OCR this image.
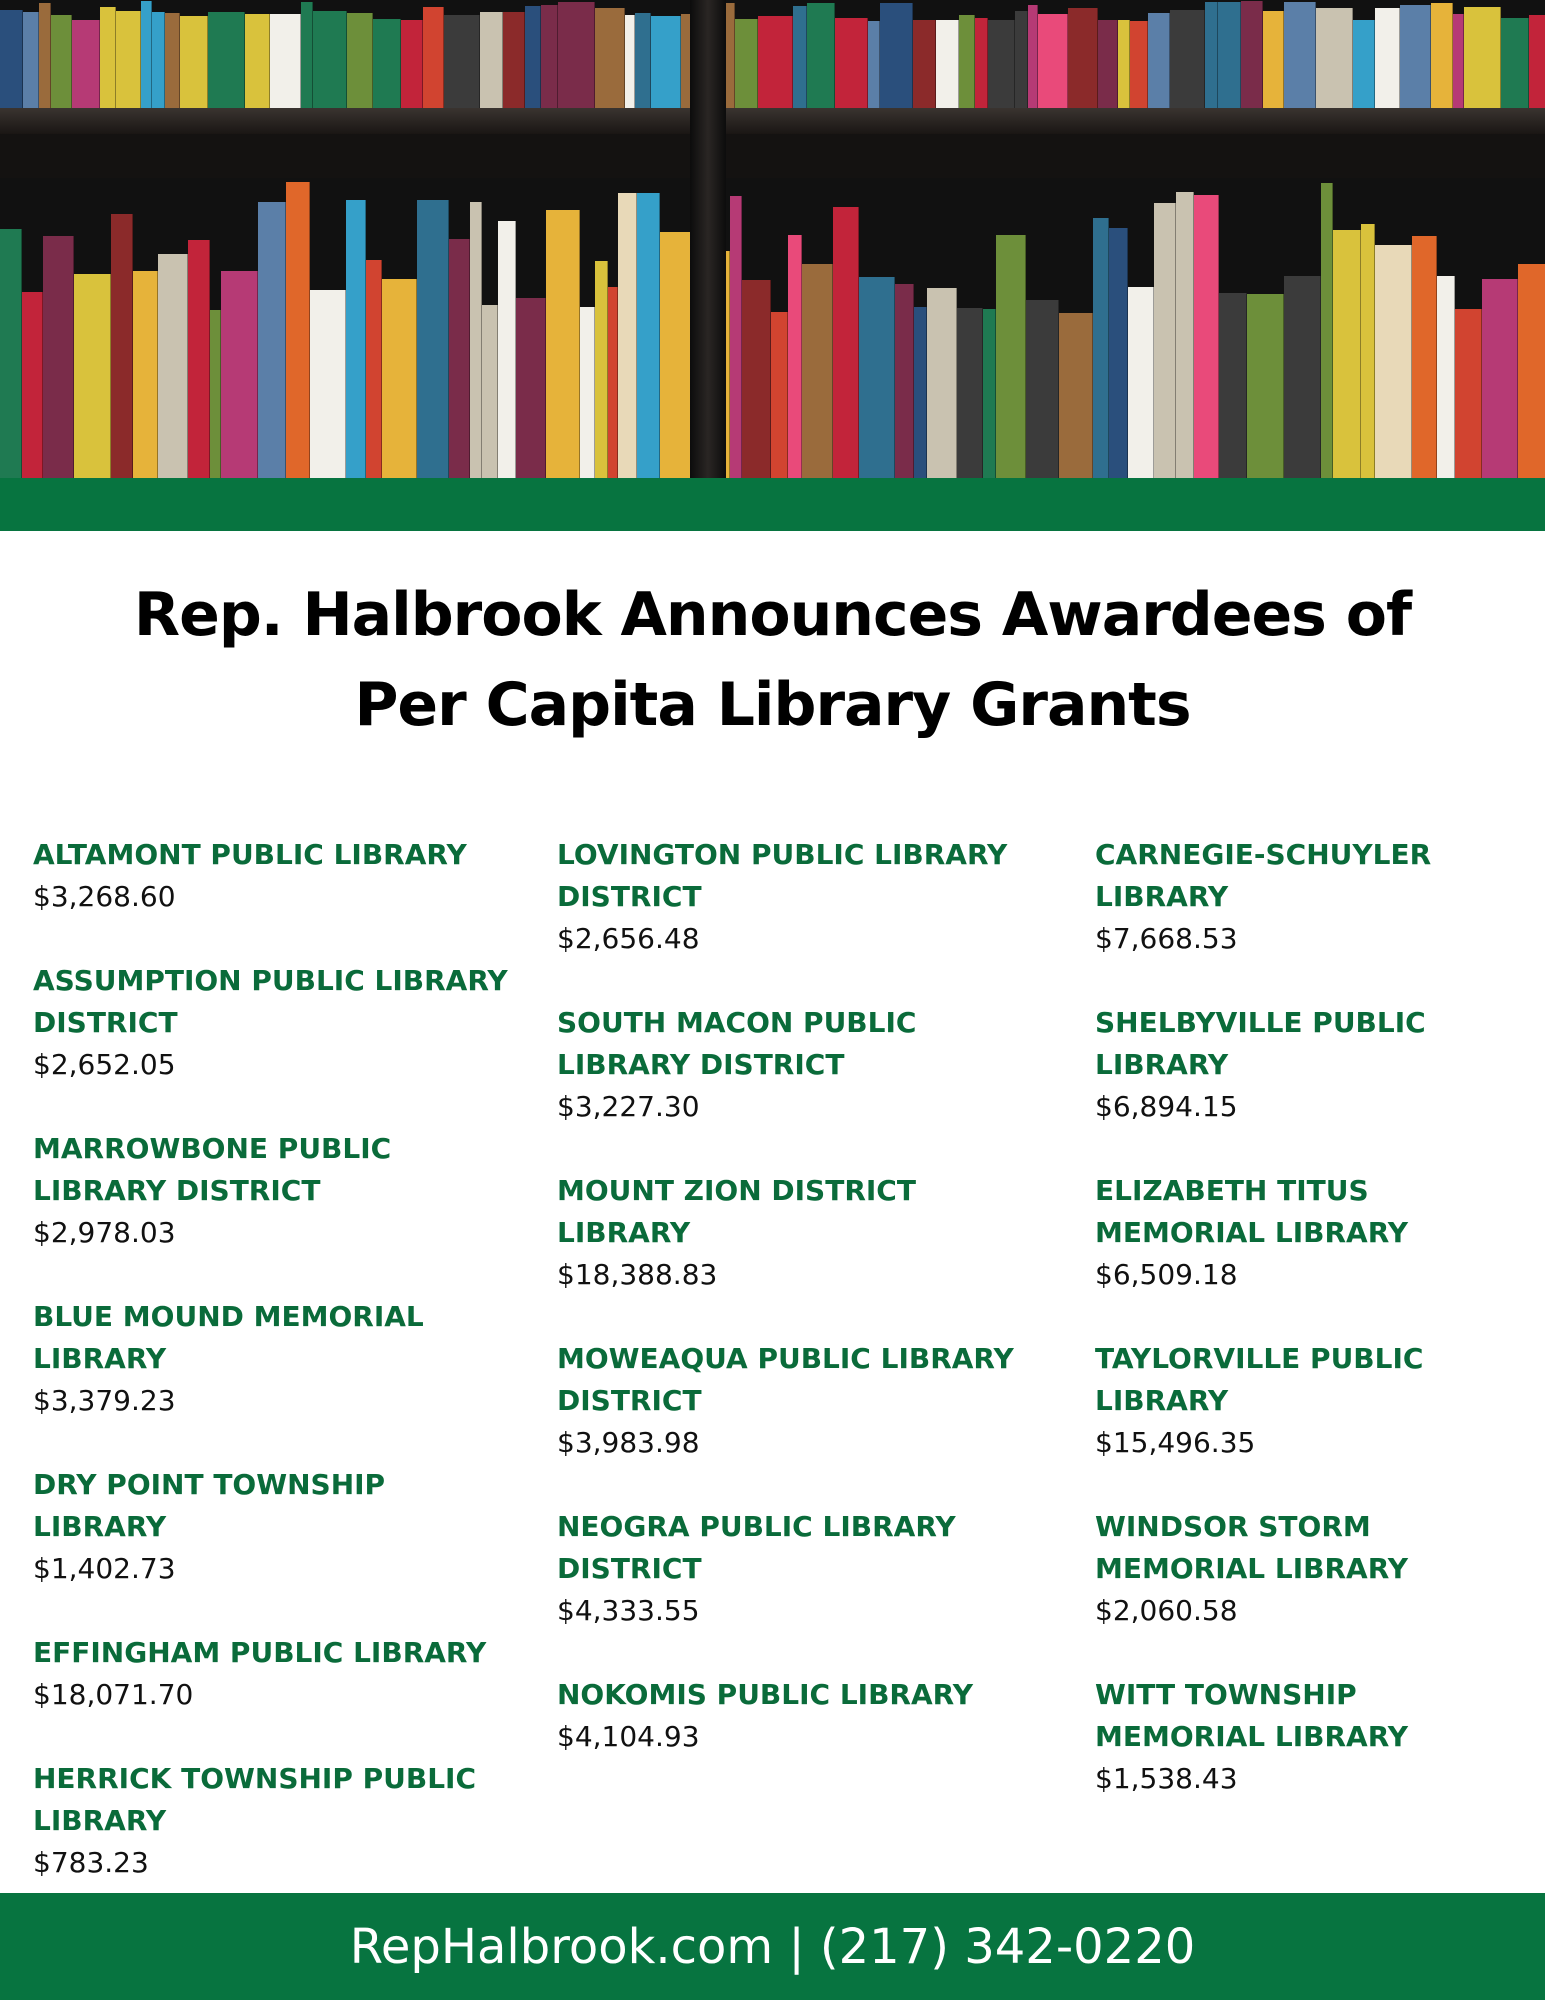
Rep. Halbrook Announces Awardees of
Per Capita Library Grants
ALTAMONT PUBLIC LIBRARY
$3,268.60
ASSUMPTION PUBLIC LIBRARY DISTRICT
$2,652.05
MARROWBONE PUBLIC LIBRARY DISTRICT
$2,978.03
BLUE MOUND MEMORIAL LIBRARY
$3,379.23
DRY POINT TOWNSHIP LIBRARY
$1,402.73
EFFINGHAM PUBLIC LIBRARY
$18,071.70
HERRICK TOWNSHIP PUBLIC LIBRARY
$783.23
LOVINGTON PUBLIC LIBRARY DISTRICT
$2,656.48
SOUTH MACON PUBLIC LIBRARY DISTRICT
$3,227.30
MOUNT ZION DISTRICT LIBRARY
$18,388.83
MOWEAQUA PUBLIC LIBRARY DISTRICT
$3,983.98
NEOGRA PUBLIC LIBRARY DISTRICT
$4,333.55
NOKOMIS PUBLIC LIBRARY
$4,104.93
CARNEGIE-SCHUYLER LIBRARY
$7,668.53
SHELBYVILLE PUBLIC LIBRARY
$6,894.15
ELIZABETH TITUS MEMORIAL LIBRARY
$6,509.18
TAYLORVILLE PUBLIC LIBRARY
$15,496.35
WINDSOR STORM MEMORIAL LIBRARY
$2,060.58
WITT TOWNSHIP MEMORIAL LIBRARY
$1,538.43
RepHalbrook.com | (217) 342-0220
